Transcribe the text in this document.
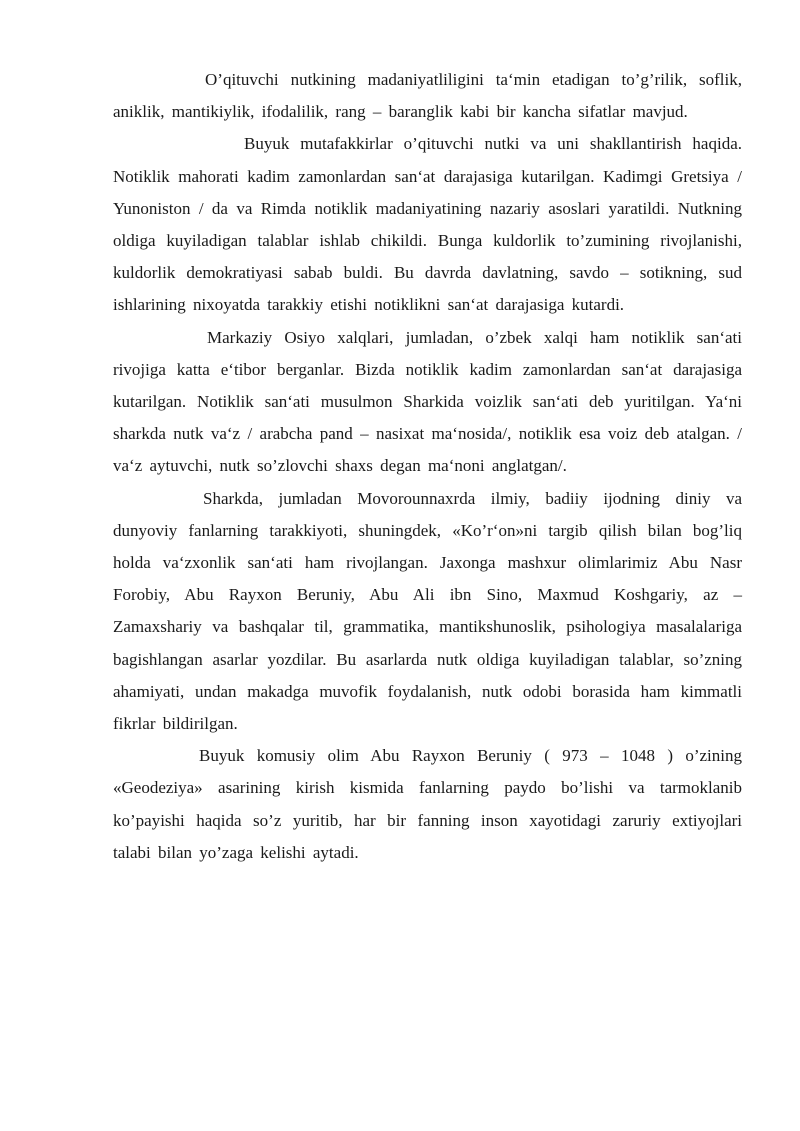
O’qituvchi nutkining madaniyatliligini ta‘min etadigan to’g’rilik, soflik, aniklik, mantikiylik, ifodalilik, rang – baranglik kabi bir kancha sifatlar mavjud.

Buyuk mutafakkirlar o’qituvchi nutki va uni shakllantirish haqida. Notiklik mahorati kadim zamonlardan san‘at darajasiga kutarilgan. Kadimgi Gretsiya / Yunoniston / da va Rimda notiklik madaniyatining nazariy asoslari yaratildi. Nutkning oldiga kuyiladigan talablar ishlab chikildi. Bunga kuldorlik to’zumining rivojlanishi, kuldorlik demokratiyasi sabab buldi. Bu davrda davlatning, savdo – sotikning, sud ishlarining nixoyatda tarakkiy etishi notiklikni san‘at darajasiga kutardi.

Markaziy Osiyo xalqlari, jumladan, o’zbek xalqi ham notiklik san‘ati rivojiga katta e‘tibor berganlar. Bizda notiklik kadim zamonlardan san‘at darajasiga kutarilgan. Notiklik san‘ati musulmon Sharkida voizlik san‘ati deb yuritilgan. Ya‘ni sharkda nutk va‘z / arabcha pand – nasixat ma‘nosida/, notiklik esa voiz deb atalgan. / va‘z aytuvchi, nutk so’zlovchi shaxs degan ma‘noni anglatgan/.

Sharkda, jumladan Movorounnaxrda ilmiy, badiiy ijodning diniy va dunyoviy fanlarning tarakkiyoti, shuningdek, «Ko’r‘on»ni targib qilish bilan bog’liq holda va‘zxonlik san‘ati ham rivojlangan. Jaxonga mashxur olimlarimiz Abu Nasr Forobiy, Abu Rayxon Beruniy, Abu Ali ibn Sino, Maxmud Koshgariy, az – Zamaxshariy va bashqalar til, grammatika, mantikshunoslik, psihologiya masalalariga bagishlangan asarlar yozdilar. Bu asarlarda nutk oldiga kuyiladigan talablar, so’zning ahamiyati, undan makadga muvofik foydalanish, nutk odobi borasida ham kimmatli fikrlar bildirilgan.

Buyuk komusiy olim Abu Rayxon Beruniy ( 973 – 1048 ) o’zining «Geodeziya» asarining kirish kismida fanlarning paydo bo’lishi va tarmoklanib ko’payishi haqida so’z yuritib, har bir fanning inson xayotidagi zaruriy extiyojlari talabi bilan yo’zaga kelishi aytadi.
